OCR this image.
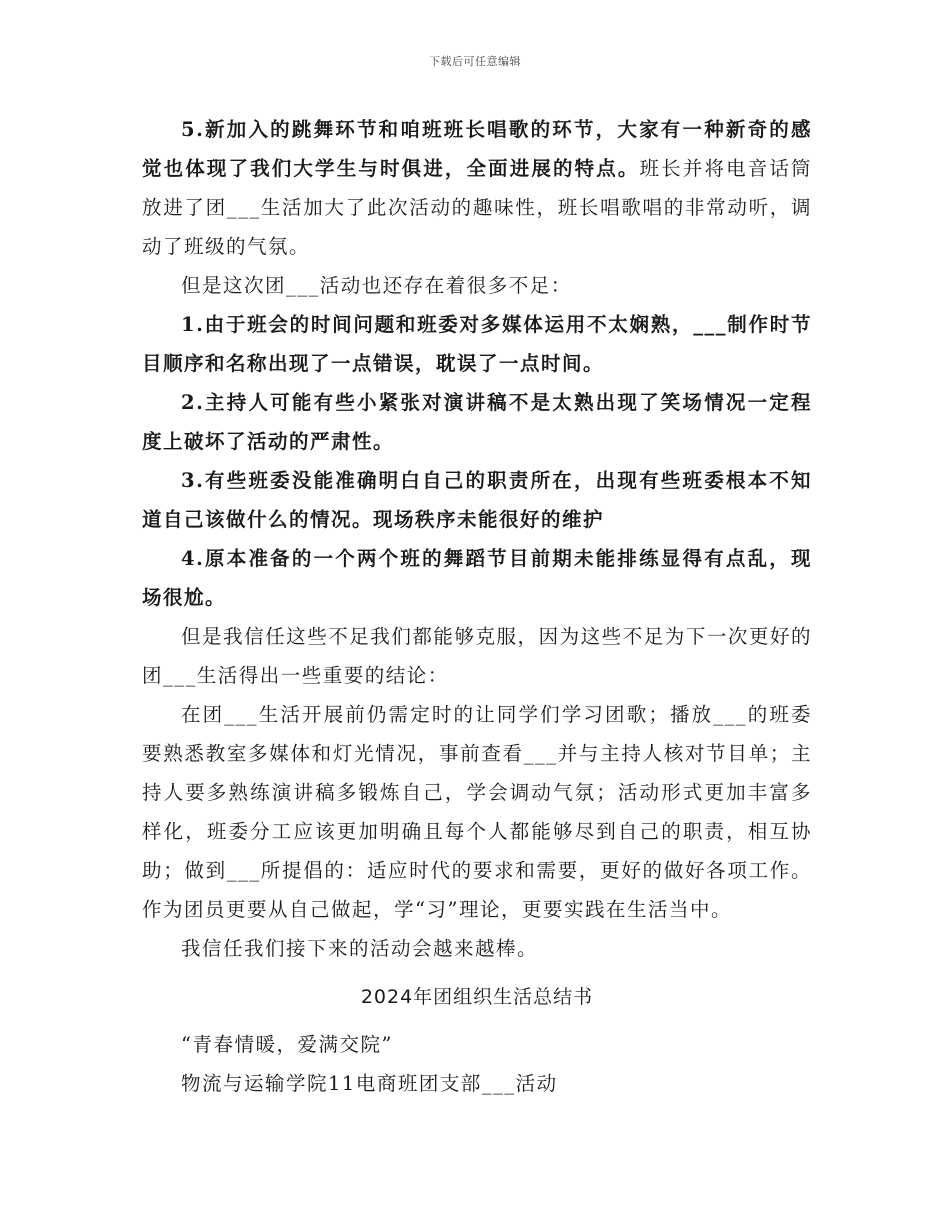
下载后可任意编辑

5.新加入的跳舞环节和咱班班长唱歌的环节，大家有一种新奇的感觉也体现了我们大学生与时俱进，全面进展的特点。班长并将电音话筒放进了团___生活加大了此次活动的趣味性，班长唱歌唱的非常动听，调动了班级的气氛。

但是这次团___活动也还存在着很多不足：

1.由于班会的时间问题和班委对多媒体运用不太娴熟，___制作时节目顺序和名称出现了一点错误，耽误了一点时间。

2.主持人可能有些小紧张对演讲稿不是太熟出现了笑场情况一定程度上破坏了活动的严肃性。

3.有些班委没能准确明白自己的职责所在，出现有些班委根本不知道自己该做什么的情况。现场秩序未能很好的维护

4.原本准备的一个两个班的舞蹈节目前期未能排练显得有点乱，现场很尬。

但是我信任这些不足我们都能够克服，因为这些不足为下一次更好的团___生活得出一些重要的结论：

在团___生活开展前仍需定时的让同学们学习团歌；播放___的班委要熟悉教室多媒体和灯光情况，事前查看___并与主持人核对节目单；主持人要多熟练演讲稿多锻炼自己，学会调动气氛；活动形式更加丰富多样化，班委分工应该更加明确且每个人都能够尽到自己的职责，相互协助；做到___所提倡的：适应时代的要求和需要，更好的做好各项工作。作为团员更要从自己做起，学“习”理论，更要实践在生活当中。

我信任我们接下来的活动会越来越棒。

2024年团组织生活总结书

“青春情暖，爱满交院”

物流与运输学院11电商班团支部___活动
